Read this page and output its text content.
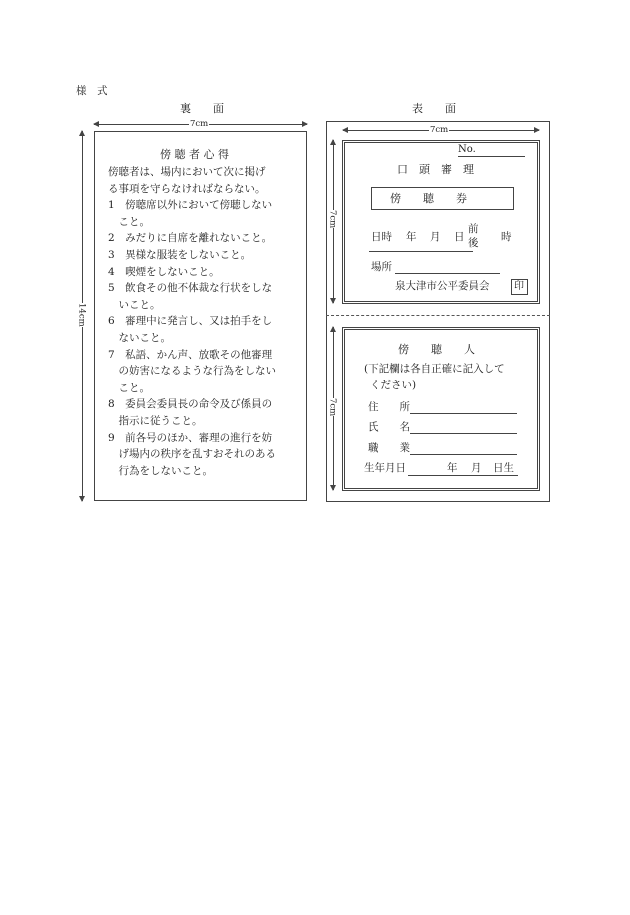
様　式
裏　　面
7cm
14cm
傍 聴 者 心 得
傍聴者は、場内において次に掲げ
る事項を守らなければならない。
1　傍聴席以外において傍聴しない
　こと。
2　みだりに自席を離れないこと。
3　異様な服装をしないこと。
4　喫煙をしないこと。
5　飲食その他不体裁な行状をしな
　いこと。
6　審理中に発言し、又は拍手をし
　ないこと。
7　私語、かん声、放歌その他審理
　の妨害になるような行為をしない
　こと。
8　委員会委員長の命令及び係員の
　指示に従うこと。
9　前各号のほか、審理の進行を妨
　げ場内の秩序を乱すおそれのある
　行為をしないこと。
表　　面
7cm
7cm
No.
口　頭　審　理
傍　　聴　　券
日時 年 月 日
前
後 時
場所
泉大津市公平委員会 印
7cm
傍　　聴　　人
(下記欄は各自正確に記入して
ください)
住　　所
氏　　名
職　　業
生年月日	年 月 日生
